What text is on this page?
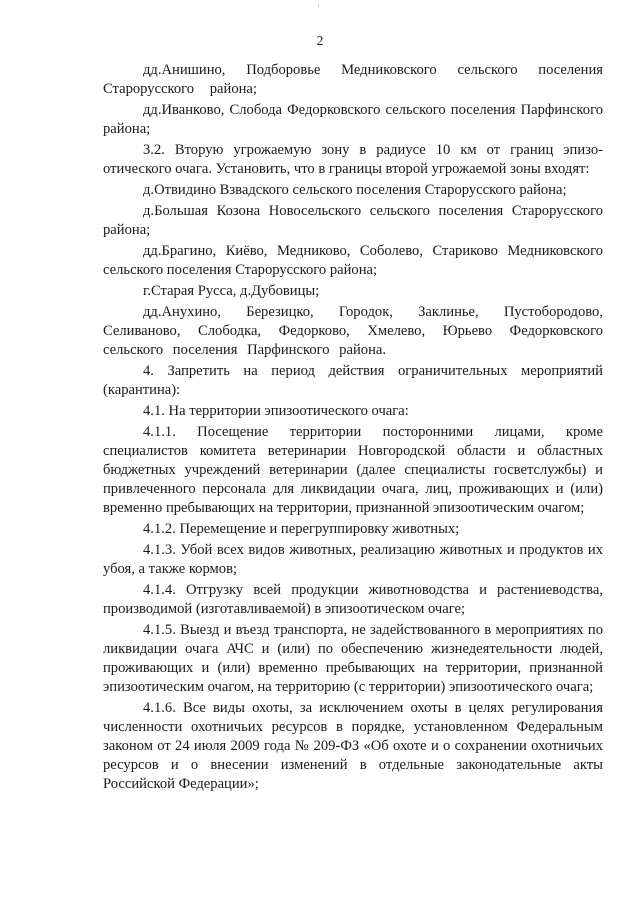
2

дд.Анишино, Подборовье Медниковского сельского поселения Старорусского района;

дд.Иванково, Слобода Федорковского сельского поселения Парфинского района;

3.2. Вторую угрожаемую зону в радиусе 10 км от границ эпизо-отического очага. Установить, что в границы второй угрожаемой зоны входят:

д.Отвидино Взвадского сельского поселения Старорусского района;

д.Большая Козона Новосельского сельского поселения Старорусского района;

дд.Брагино, Киёво, Медниково, Соболево, Стариково Медниковского сельского поселения Старорусского района;

г.Старая Русса, д.Дубовицы;

дд.Анухино, Березицко, Городок, Заклинье, Пустобородово, Селиваново, Слободка, Федорково, Хмелево, Юрьево Федорковского сельского поселения Парфинского района.

4. Запретить на период действия ограничительных мероприятий (карантина):

4.1. На территории эпизоотического очага:

4.1.1. Посещение территории посторонними лицами, кроме специалистов комитета ветеринарии Новгородской области и областных бюджетных учреждений ветеринарии (далее специалисты госветслужбы) и привлеченного персонала для ликвидации очага, лиц, проживающих и (или) временно пребывающих на территории, признанной эпизоотическим очагом;

4.1.2. Перемещение и перегруппировку животных;

4.1.3. Убой всех видов животных, реализацию животных и продуктов их убоя, а также кормов;

4.1.4. Отгрузку всей продукции животноводства и растениеводства, производимой (изготавливаемой) в эпизоотическом очаге;

4.1.5. Выезд и въезд транспорта, не задействованного в мероприятиях по ликвидации очага АЧС и (или) по обеспечению жизнедеятельности людей, проживающих и (или) временно пребывающих на территории, признанной эпизоотическим очагом, на территорию (с территории) эпизоотического очага;

4.1.6. Все виды охоты, за исключением охоты в целях регулирования численности охотничьих ресурсов в порядке, установленном Федеральным законом от 24 июля 2009 года № 209-ФЗ «Об охоте и о сохранении охотничьих ресурсов и о внесении изменений в отдельные законодательные акты Российской Федерации»;
